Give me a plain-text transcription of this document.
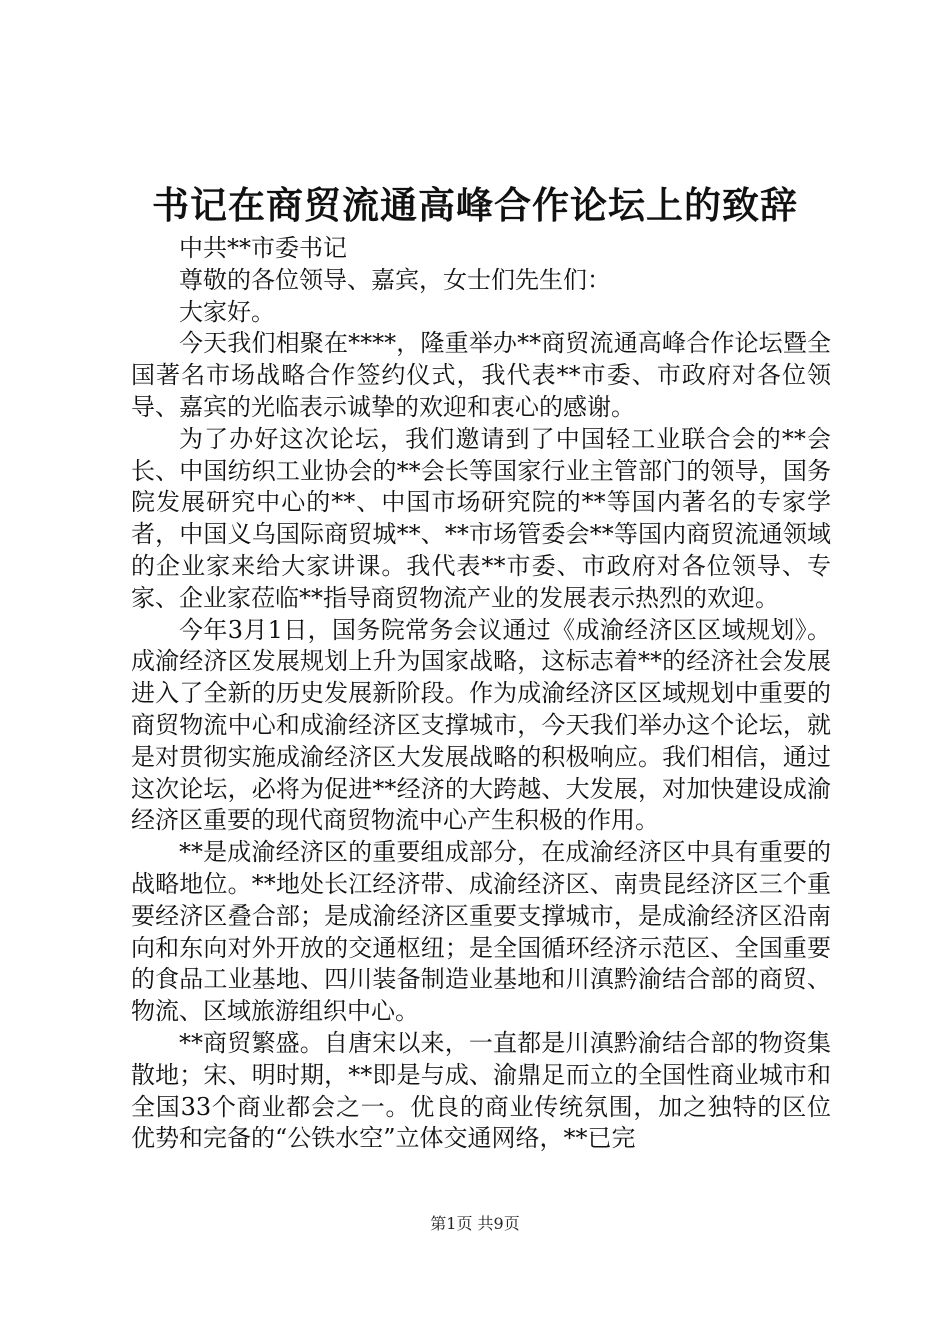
书记在商贸流通高峰合作论坛上的致辞

中共**市委书记

尊敬的各位领导、嘉宾，女士们先生们：

大家好。

今天我们相聚在****，隆重举办**商贸流通高峰合作论坛暨全国著名市场战略合作签约仪式，我代表**市委、市政府对各位领导、嘉宾的光临表示诚挚的欢迎和衷心的感谢。

为了办好这次论坛，我们邀请到了中国轻工业联合会的**会长、中国纺织工业协会的**会长等国家行业主管部门的领导，国务院发展研究中心的**、中国市场研究院的**等国内著名的专家学者，中国义乌国际商贸城**、**市场管委会**等国内商贸流通领域的企业家来给大家讲课。我代表**市委、市政府对各位领导、专家、企业家莅临**指导商贸物流产业的发展表示热烈的欢迎。

今年3月1日，国务院常务会议通过《成渝经济区区域规划》。成渝经济区发展规划上升为国家战略，这标志着**的经济社会发展进入了全新的历史发展新阶段。作为成渝经济区区域规划中重要的商贸物流中心和成渝经济区支撑城市，今天我们举办这个论坛，就是对贯彻实施成渝经济区大发展战略的积极响应。我们相信，通过这次论坛，必将为促进**经济的大跨越、大发展，对加快建设成渝经济区重要的现代商贸物流中心产生积极的作用。

**是成渝经济区的重要组成部分，在成渝经济区中具有重要的战略地位。**地处长江经济带、成渝经济区、南贵昆经济区三个重要经济区叠合部；是成渝经济区重要支撑城市，是成渝经济区沿南向和东向对外开放的交通枢纽；是全国循环经济示范区、全国重要的食品工业基地、四川装备制造业基地和川滇黔渝结合部的商贸、物流、区域旅游组织中心。

**商贸繁盛。自唐宋以来，一直都是川滇黔渝结合部的物资集散地；宋、明时期，**即是与成、渝鼎足而立的全国性商业城市和全国33个商业都会之一。优良的商业传统氛围，加之独特的区位优势和完备的“公铁水空”立体交通网络，**已完

第1页 共9页
